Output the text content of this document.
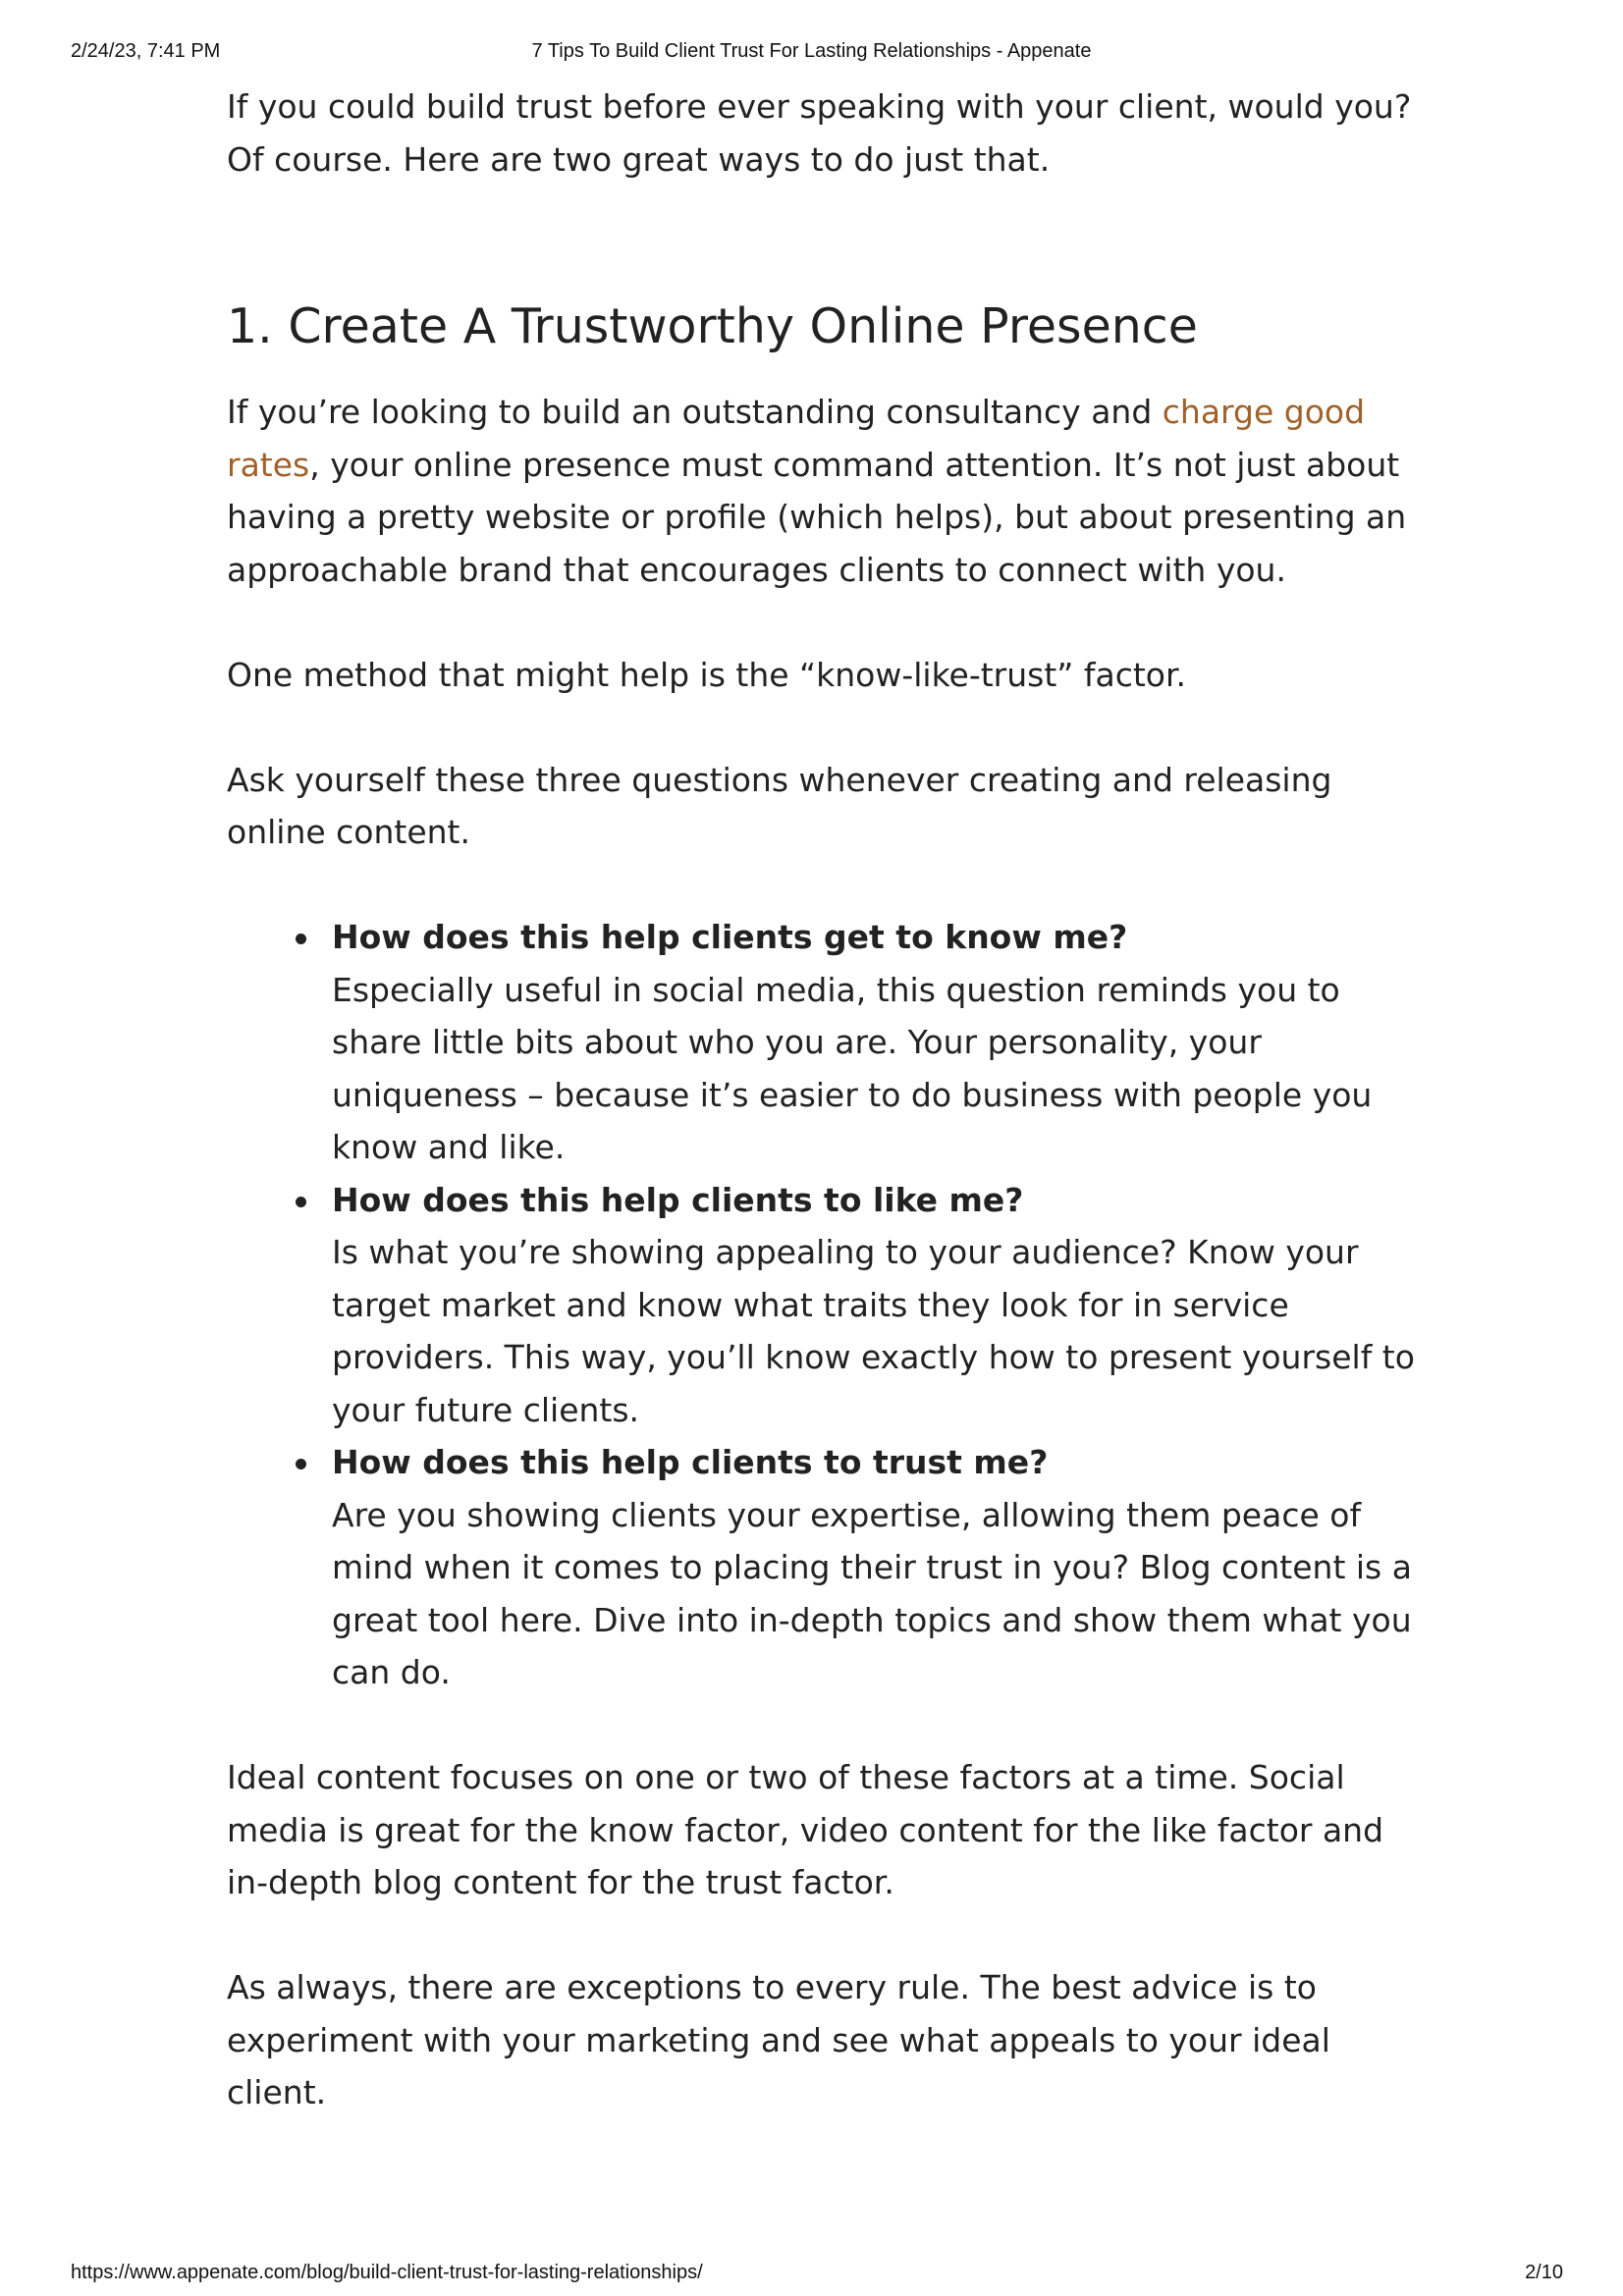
2/24/23, 7:41 PM	7 Tips To Build Client Trust For Lasting Relationships - Appenate

If you could build trust before ever speaking with your client, would you? Of course. Here are two great ways to do just that.

1. Create A Trustworthy Online Presence

If you’re looking to build an outstanding consultancy and charge good rates, your online presence must command attention. It’s not just about having a pretty website or profile (which helps), but about presenting an approachable brand that encourages clients to connect with you.

One method that might help is the “know-like-trust” factor.

Ask yourself these three questions whenever creating and releasing online content.

How does this help clients get to know me?
Especially useful in social media, this question reminds you to share little bits about who you are. Your personality, your uniqueness – because it’s easier to do business with people you know and like.
How does this help clients to like me?
Is what you’re showing appealing to your audience? Know your target market and know what traits they look for in service providers. This way, you’ll know exactly how to present yourself to your future clients.
How does this help clients to trust me?
Are you showing clients your expertise, allowing them peace of mind when it comes to placing their trust in you? Blog content is a great tool here. Dive into in-depth topics and show them what you can do.

Ideal content focuses on one or two of these factors at a time. Social media is great for the know factor, video content for the like factor and in-depth blog content for the trust factor.

As always, there are exceptions to every rule. The best advice is to experiment with your marketing and see what appeals to your ideal client.

https://www.appenate.com/blog/build-client-trust-for-lasting-relationships/	2/10
